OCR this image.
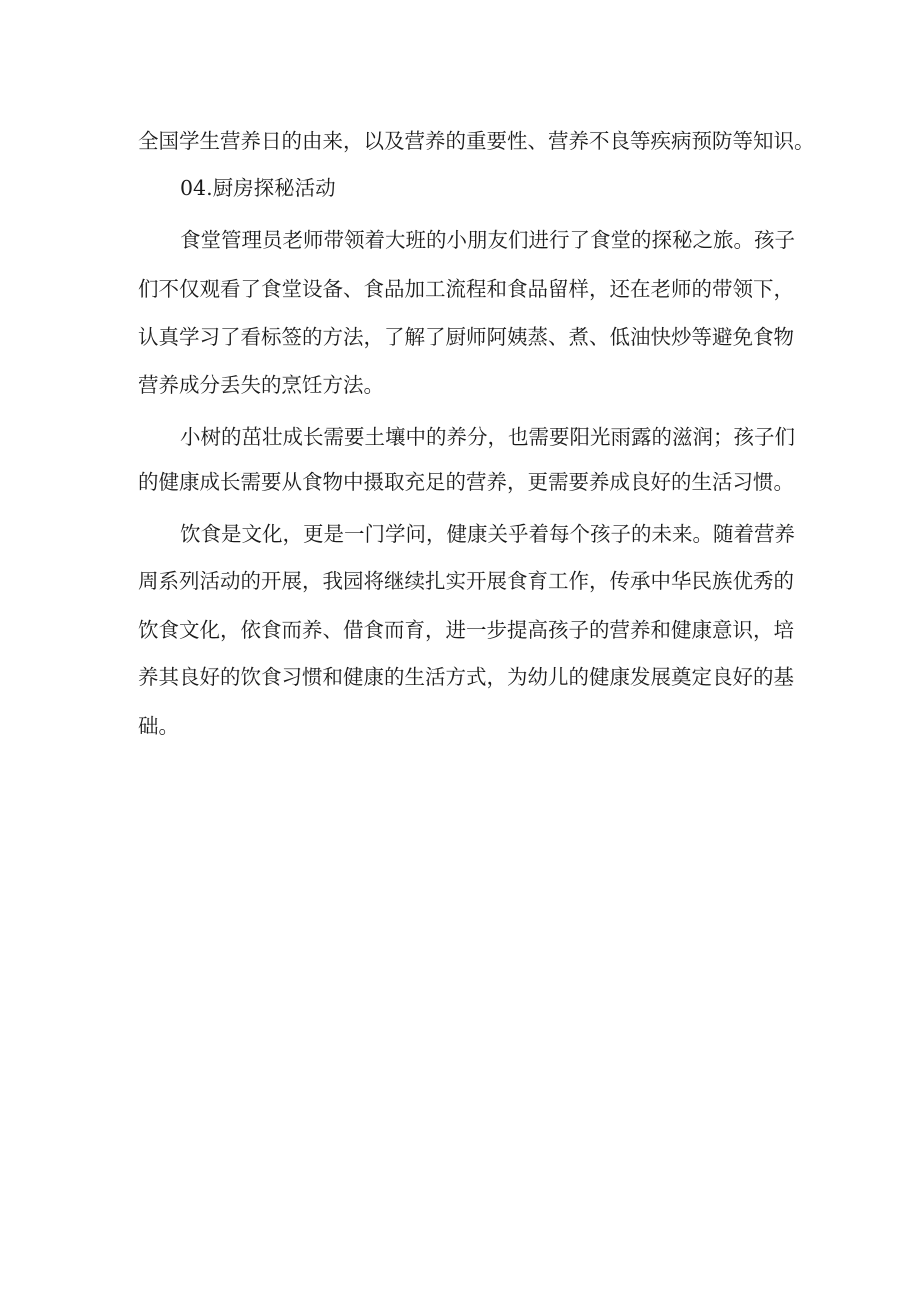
全国学生营养日的由来，以及营养的重要性、营养不良等疾病预防等知识。
04.厨房探秘活动
食堂管理员老师带领着大班的小朋友们进行了食堂的探秘之旅。孩子
们不仅观看了食堂设备、食品加工流程和食品留样，还在老师的带领下，
认真学习了看标签的方法，了解了厨师阿姨蒸、煮、低油快炒等避免食物
营养成分丢失的烹饪方法。
小树的茁壮成长需要土壤中的养分，也需要阳光雨露的滋润；孩子们
的健康成长需要从食物中摄取充足的营养，更需要养成良好的生活习惯。
饮食是文化，更是一门学问，健康关乎着每个孩子的未来。随着营养
周系列活动的开展，我园将继续扎实开展食育工作，传承中华民族优秀的
饮食文化，依食而养、借食而育，进一步提高孩子的营养和健康意识，培
养其良好的饮食习惯和健康的生活方式，为幼儿的健康发展奠定良好的基
础。
